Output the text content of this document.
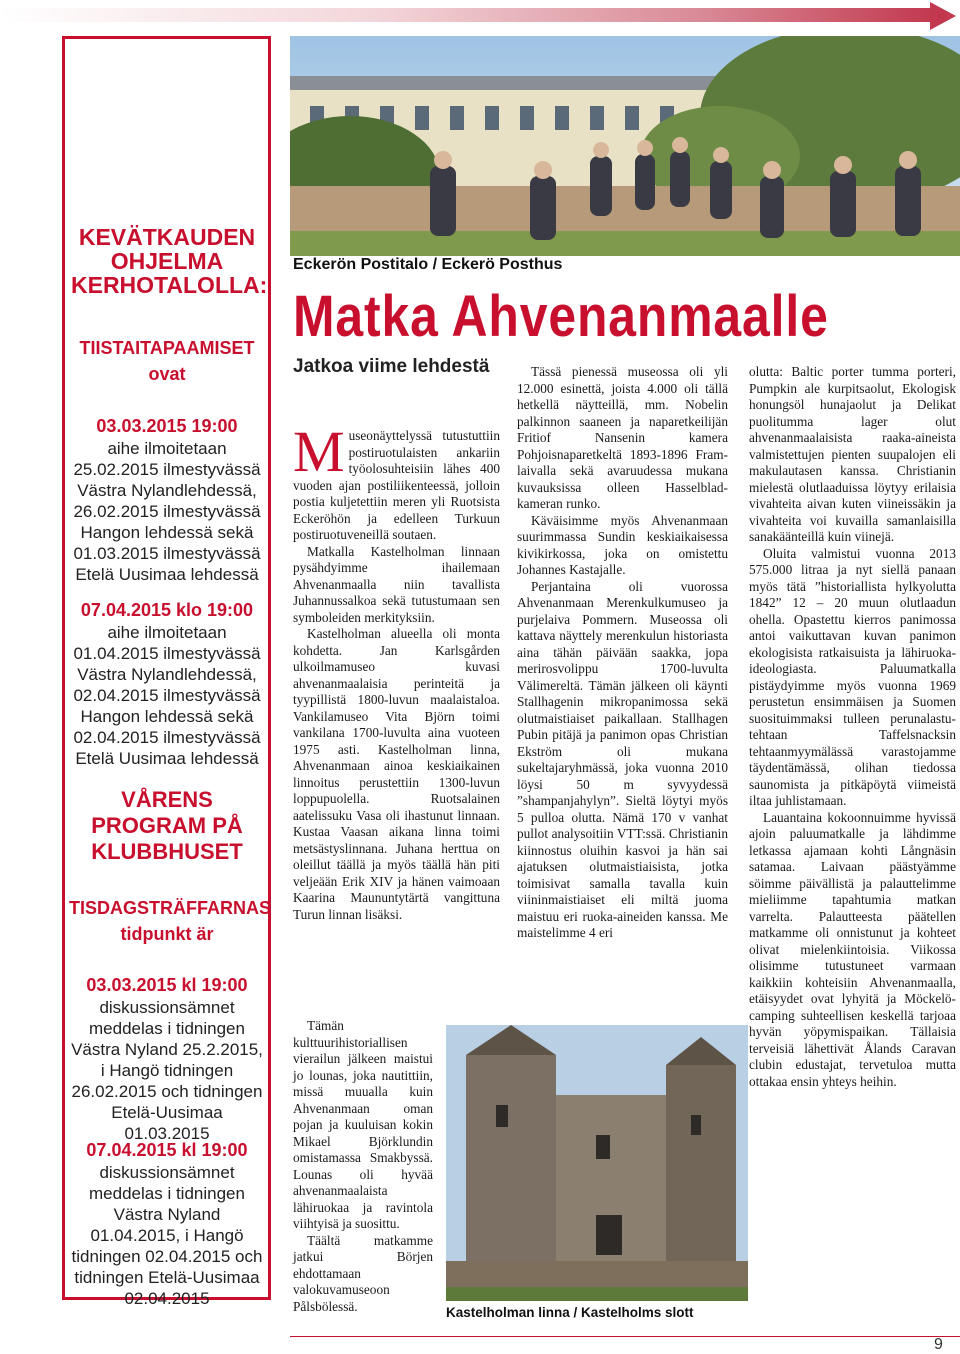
KEVÄTKAUDEN OHJELMA KERHOTALOLLA:
TIISTAITAPAAMISET ovat
03.03.2015 19:00
aihe ilmoitetaan 25.02.2015 ilmestyvässä Västra Nylandlehdessä, 26.02.2015 ilmestyvässä Hangon lehdessä sekä 01.03.2015 ilmestyvässä Etelä Uusimaa lehdessä
07.04.2015 klo 19:00
aihe ilmoitetaan 01.04.2015 ilmestyvässä Västra Nylandlehdessä, 02.04.2015 ilmestyvässä Hangon lehdessä sekä 02.04.2015 ilmestyvässä Etelä Uusimaa lehdessä
VÅRENS PROGRAM PÅ KLUBBHUSET
TISDAGSTRÄFFARNAS tidpunkt är
03.03.2015 kl 19:00
diskussionsämnet meddelas i tidningen Västra Nyland 25.2.2015, i Hangö tidningen 26.02.2015 och tidningen Etelä-Uusimaa 01.03.2015
07.04.2015 kl 19:00
diskussionsämnet meddelas i tidningen Västra Nyland 01.04.2015, i Hangö tidningen 02.04.2015 och tidningen Etelä-Uusimaa 02.04.2015
Eckerön Postitalo / Eckerö Posthus
Matka Ahvenanmaalle
Jatkoa viime lehdestä

Museonäyttelyssä tutustuttiin postiruotulaisten ankariin työolosuhteisiin lähes 400 vuoden ajan postiliikenteessä, jolloin postia kuljetettiin meren yli Ruotsista Eckeröhön ja edelleen Turkuun postiruotuveneillä soutaen.

Matkalla Kastelholman linnaan pysähdyimme ihailemaan Ahvenanmaalla niin tavallista Juhannussalkoa sekä tutustumaan sen symboleiden merkityksiin.

Kastelholman alueella oli monta kohdetta. Jan Karlsgården ulkoilmamuseo kuvasi ahvenanmaalaisia perinteitä ja tyypillistä 1800-luvun maalaistaloa. Vankilamuseo Vita Björn toimi vankilana 1700-luvulta aina vuoteen 1975 asti. Kastelholman linna, Ahvenanmaan ainoa keskiaikainen linnoitus perustettiin 1300-luvun loppupuolella. Ruotsalainen aatelissuku Vasa oli ihastunut linnaan. Kustaa Vaasan aikana linna toimi metsästyslinnana. Juhana herttua on oleillut täällä ja myös täällä hän piti veljeään Erik XIV ja hänen vaimoaan Kaarina Maununtytärtä vangittuna Turun linnan lisäksi.

Tämän kulttuurihistoriallisen vierailun jälkeen maistui jo lounas, joka nautittiin, missä muualla kuin Ahvenanmaan oman pojan ja kuuluisan kokin Mikael Björklundin omistamassa Smakbyssä. Lounas oli hyvää ahvenanmaalaista lähiruokaa ja ravintola viihtyisä ja suosittu.

Täältä matkamme jatkui Börjen ehdottamaan valokuvamuseoon Pålsbölessä.

Tässä pienessä museossa oli yli 12.000 esinettä, joista 4.000 oli tällä hetkellä näytteillä, mm. Nobelin palkinnon saaneen ja naparetkeilijän Fritiof Nansenin kamera Pohjoisnaparetkeltä 1893-1896 Fram-laivalla sekä avaruudessa mukana kuvauksissa olleen Hasselblad-kameran runko.

Käväisimme myös Ahvenanmaan suurimmassa Sundin keskiaikaisessa kivikirkossa, joka on omistettu Johannes Kastajalle.

Perjantaina oli vuorossa Ahvenanmaan Merenkulkumuseo ja purjelaiva Pommern. Museossa oli kattava näyttely merenkulun historiasta aina tähän päivään saakka, jopa merirosvolippu 1700-luvulta Välimereltä. Tämän jälkeen oli käynti Stallhagenin mikropanimossa sekä olutmaistiaiset paikallaan. Stallhagen Pubin pitäjä ja panimon opas Christian Ekström oli mukana sukeltajaryhmässä, joka vuonna 2010 löysi 50 m syvyydessä ”shampanjahylyn”. Sieltä löytyi myös 5 pulloa olutta. Nämä 170 v vanhat pullot analysoitiin VTT:ssä. Christianin kiinnostus oluihin kasvoi ja hän sai ajatuksen olutmaistiaisista, jotka toimisivat samalla tavalla kuin viininmaistiaiset eli miltä juoma maistuu eri ruoka-aineiden kanssa. Me maistelimme 4 eri

olutta: Baltic porter tumma porteri, Pumpkin ale kurpitsaolut, Ekologisk honungsöl hunajaolut ja Delikat puolitumma lager olut ahvenanmaalaisista raaka-aineista valmistettujen pienten suupalojen eli makulautasen kanssa. Christianin mielestä olutlaaduissa löytyy erilaisia vivahteita aivan kuten viineissäkin ja vivahteita voi kuvailla samanlaisilla sanakäänteillä kuin viinejä.

Oluita valmistui vuonna 2013 575.000 litraa ja nyt siellä panaan myös tätä ”historiallista hylkyolutta 1842” 12 – 20 muun olutlaadun ohella. Opastettu kierros panimossa antoi vaikuttavan kuvan panimon ekologisista ratkaisuista ja lähiruoka-ideologiasta. Paluumatkalla pistäydyimme myös vuonna 1969 perustetun ensimmäisen ja Suomen suosituimmaksi tulleen perunalastu-tehtaan Taffelsnacksin tehtaanmyymälässä varastojamme täydentämässä, olihan tiedossa saunomista ja pitkäpöytä viimeistä iltaa juhlistamaan.

Lauantaina kokoonnuimme hyvissä ajoin paluumatkalle ja lähdimme letkassa ajamaan kohti Långnäsin satamaa. Laivaan päästyämme söimme päivällistä ja palauttelimme mieliimme tapahtumia matkan varrelta. Palautteesta päätellen matkamme oli onnistunut ja kohteet olivat mielenkiintoisia. Viikossa olisimme tutustuneet varmaan kaikkiin kohteisiin Ahvenanmaalla, etäisyydet ovat lyhyitä ja Möckelö-camping suhteellisen keskellä tarjoaa hyvän yöpymispaikan. Tällaisia terveisiä lähettivät Ålands Caravan clubin edustajat, tervetuloa mutta ottakaa ensin yhteys heihin.

Kastelholman linna / Kastelholms slott
9
